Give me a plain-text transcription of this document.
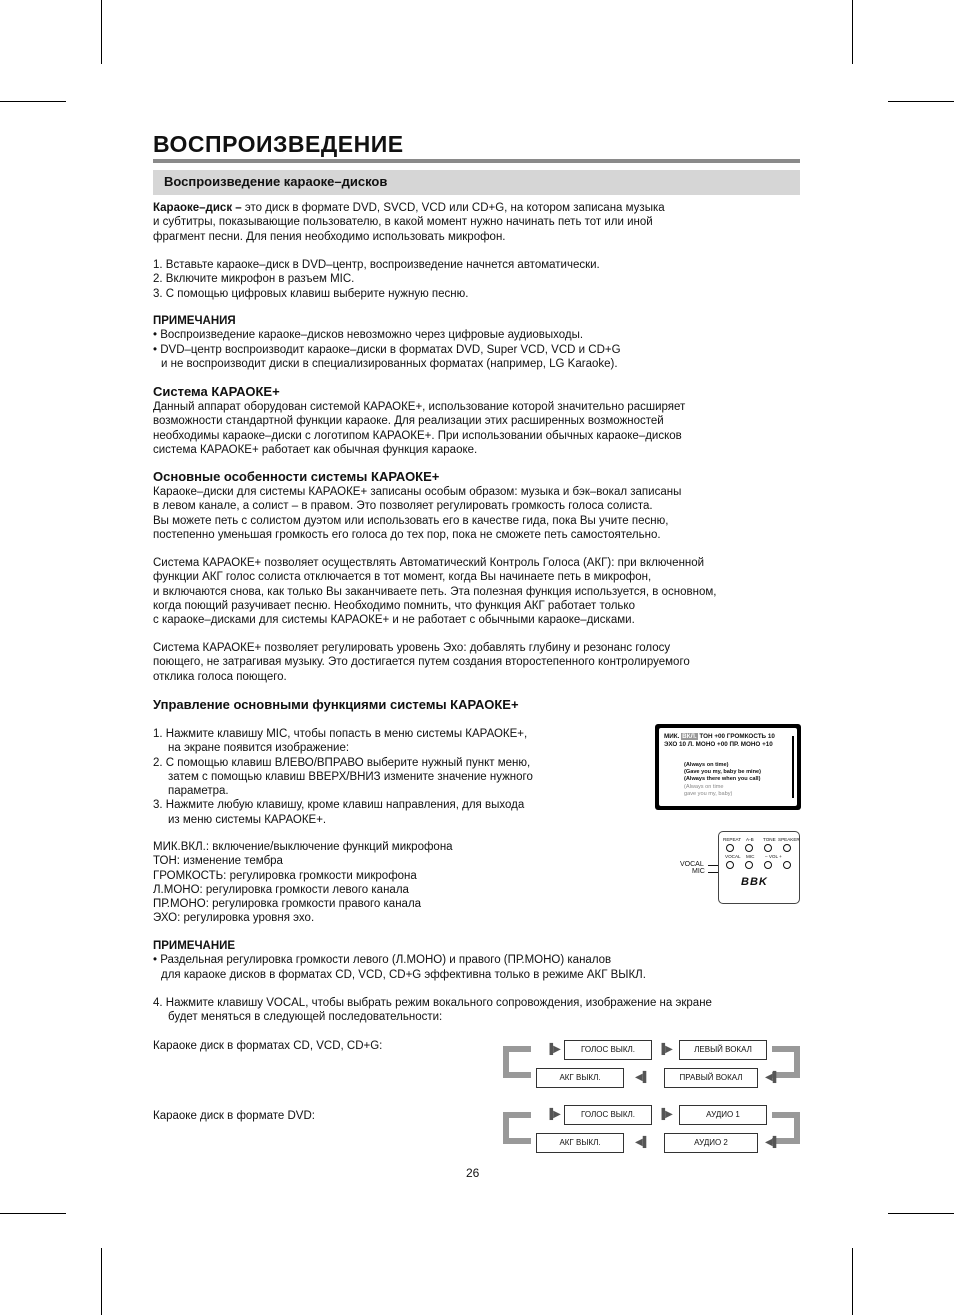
ВОСПРОИЗВЕДЕНИЕ
Воспроизведение караоке–дисков
Караоке–диск – это диск в формате DVD, SVCD, VCD или CD+G, на котором записана музыка
и субтитры, показывающие пользователю, в какой момент нужно начинать петь тот или иной
фрагмент песни. Для пения необходимо использовать микрофон.
1. Вставьте караоке–диск в DVD–центр, воспроизведение начнется автоматически.
2. Включите микрофон в разъем MIC.
3. С помощью цифровых клавиш выберите нужную песню.
ПРИМЕЧАНИЯ
• Воспроизведение караоке–дисков невозможно через цифровые аудиовыходы.
• DVD–центр воспроизводит караоке–диски в форматах DVD, Super VCD, VCD и CD+G
и не воспроизводит диски в специализированных форматах (например, LG Karaoke).
Система КАРАОКЕ+
Данный аппарат оборудован системой КАРАОКЕ+, использование которой значительно расширяет
возможности стандартной функции караоке. Для реализации этих расширенных возможностей
необходимы караоке–диски с логотипом КАРАОКЕ+. При использовании обычных караоке–дисков
система КАРАОКЕ+ работает как обычная функция караоке.
Основные особенности системы КАРАОКЕ+
Караоке–диски для системы КАРАОКЕ+ записаны особым образом: музыка и бэк–вокал записаны
в левом канале, а солист – в правом. Это позволяет регулировать громкость голоса солиста.
Вы можете петь с солистом дуэтом или использовать его в качестве гида, пока Вы учите песню,
постепенно уменьшая громкость его голоса до тех пор, пока не сможете петь самостоятельно.
Система КАРАОКЕ+ позволяет осуществлять Автоматический Контроль Голоса (АКГ): при включенной
функции АКГ голос солиста отключается в тот момент, когда Вы начинаете петь в микрофон,
и включаются снова, как только Вы заканчиваете петь. Эта полезная функция используется, в основном,
когда поющий разучивает песню. Необходимо помнить, что функция АКГ работает только
с караоке–дисками для системы КАРАОКЕ+ и не работает с обычными караоке–дисками.
Система КАРАОКЕ+ позволяет регулировать уровень Эхо: добавлять глубину и резонанс голосу
поющего, не затрагивая музыку. Это достигается путем создания второстепенного контролируемого
отклика голоса поющего.
Управление основными функциями системы КАРАОКЕ+
1. Нажмите клавишу MIC, чтобы попасть в меню системы КАРАОКЕ+,
на экране появится изображение:
2. С помощью клавиш ВЛЕВО/ВПРАВО выберите нужный пункт меню,
затем с помощью клавиш ВВЕРХ/ВНИЗ измените значение нужного
параметра.
3. Нажмите любую клавишу, кроме клавиш направления, для выхода
из меню системы КАРАОКЕ+.
МИК.ВКЛ.: включение/выключение функций микрофона
ТОН: изменение тембра
ГРОМКОСТЬ: регулировка громкости микрофона
Л.МОНО: регулировка громкости левого канала
ПР.МОНО: регулировка громкости правого канала
ЭХО: регулировка уровня эхо.
ПРИМЕЧАНИЕ
• Раздельная регулировка громкости левого (Л.МОНО) и правого (ПР.МОНО) каналов
для караоке дисков в форматах CD, VCD, CD+G эффективна только в режиме АКГ ВЫКЛ.
4. Нажмите клавишу VOCAL, чтобы выбрать режим вокального сопровождения, изображение на экране
будет меняться в следующей последовательности:
МИК. ВКЛ. ТОН +00 ГРОМКОСТЬ 10
ЭХО 10 Л. МОНО +00 ПР. МОНО +10
(Always on time)
(Gave you my, baby be mine)
(Always there when you call)
(Always on time
gave you my, baby)
VOCAL
MIC
REPEAT A-B TONE SPEAKER
VOCAL MIC – VOL +
BBK
Караоке диск в форматах CD, VCD, CD+G:	▐▶	ГОЛОС ВЫКЛ.	▐▶	ЛЕВЫЙ ВОКАЛ
АКГ ВЫКЛ.	◀▌	ПРАВЫЙ ВОКАЛ	◀▌
Караоке диск в формате DVD:	▐▶	ГОЛОС ВЫКЛ.	▐▶	АУДИО 1
АКГ ВЫКЛ.	◀▌	АУДИО 2	◀▌
26
